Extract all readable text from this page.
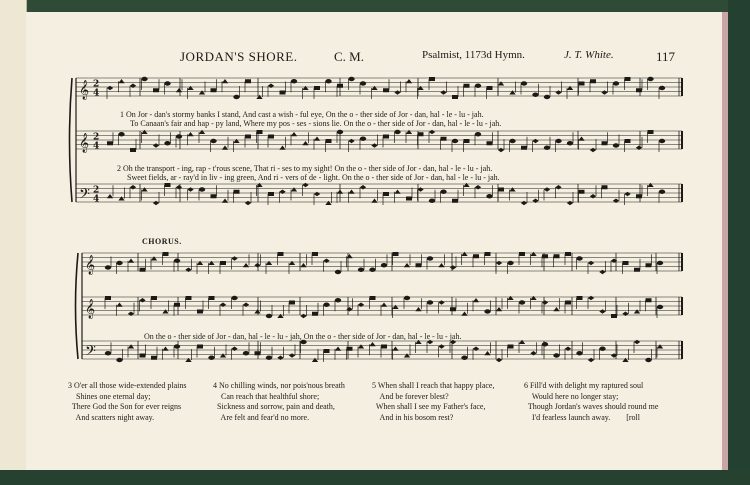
JORDAN'S SHORE.	C. M.	Psalmist, 1173d Hymn.	J. T. White.	117
𝄞 2
4
𝄞 2
4
𝄢 2
4
𝄞
𝄞
𝄢
1 On Jor - dan's stormy banks I stand, And cast a wish - ful eye, On the o - ther side of Jor - dan, hal - le - lu - jah.
To Canaan's fair and hap - py land, Where my pos - ses - sions lie. On the o - ther side of Jor - dan, hal - le - lu - jah.
2 Oh the transport - ing, rap - t'rous scene, That ri - ses to my sight! On the o - ther side of Jor - dan, hal - le - lu - jah.
Sweet fields, ar - ray'd in liv - ing green, And ri - vers of de - light. On the o - ther side of Jor - dan, hal - le - lu - jah.
CHORUS.
On the o - ther side of Jor - dan, hal - le - lu - jah, On the o - ther side of Jor - dan, hal - le - lu - jah.
3 O'er all those wide-extended plains
Shines one eternal day;
There God the Son for ever reigns
And scatters night away.
4 No chilling winds, nor pois'nous breath
Can reach that healthful shore;
Sickness and sorrow, pain and death,
Are felt and fear'd no more.
5 When shall I reach that happy place,
And be forever blest?
When shall I see my Father's face,
And in his bosom rest?
6 Fill'd with delight my raptured soul
Would here no longer stay;
Though Jordan's waves should round me
I'd fearless launch away.        [roll
